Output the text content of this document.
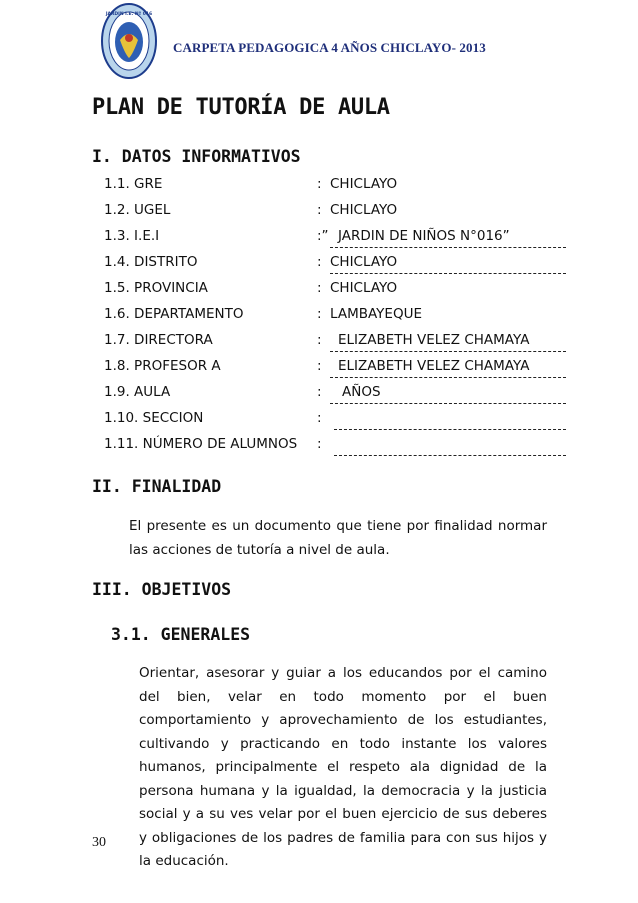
JARDIN I.E. Nº 016
CARPETA PEDAGOGICA 4 AÑOS CHICLAYO- 2013
PLAN DE TUTORÍA DE AULA
I. DATOS INFORMATIVOS
1.1. GRE	: CHICLAYO
1.2. UGEL	: CHICLAYO
1.3. I.E.I	:” JARDIN DE NIÑOS N°016”
1.4. DISTRITO	: CHICLAYO
1.5. PROVINCIA	: CHICLAYO
1.6. DEPARTAMENTO	: LAMBAYEQUE
1.7. DIRECTORA	:	ELIZABETH VELEZ CHAMAYA
1.8. PROFESOR A	:	ELIZABETH VELEZ CHAMAYA
1.9. AULA	:	AÑOS
1.10. SECCION	:
1.11. NÚMERO DE ALUMNOS :
II. FINALIDAD
El presente es un documento que tiene por finalidad normar las acciones de tutoría a nivel de aula.
III. OBJETIVOS
3.1. GENERALES
Orientar, asesorar y guiar a los educandos por el camino del bien, velar en todo momento por el buen comportamiento y aprovechamiento de los estudiantes, cultivando y practicando en todo instante los valores humanos, principalmente el respeto ala dignidad de la persona humana y la igualdad, la democracia y la justicia social y a su ves velar por el buen ejercicio de sus deberes y obligaciones de los padres de familia para con sus hijos y la educación.
30
